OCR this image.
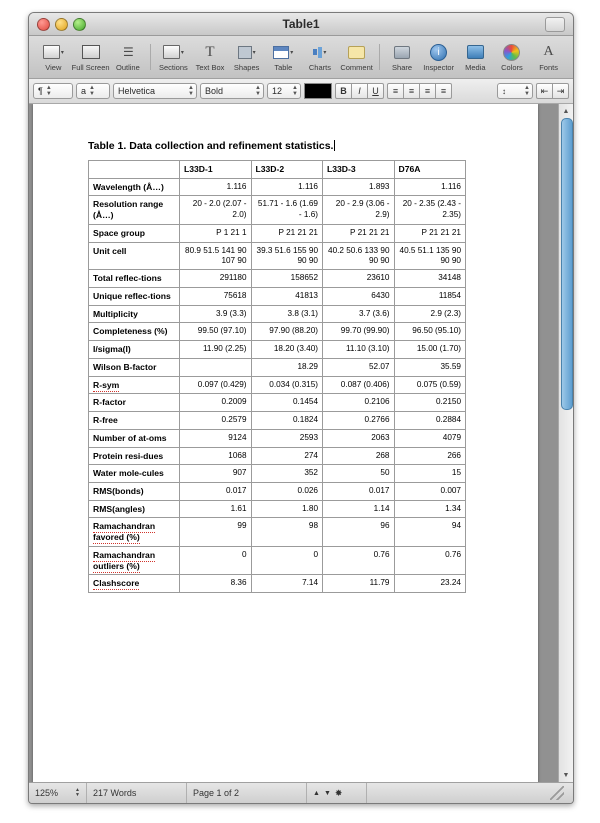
Table1
▾
View Full Screen
☰
Outline
▾
Sections
T
Text Box
▾
Shapes
▾
Table
▾
Charts Comment	Share
i
Inspector Media Colors
A
Fonts
¶ ▲
▼	a ▲
▼	Helvetica	▲
▼ Bold	▲
▼ 12 ▲
▼	B	I	U	≡	≡	≡	≡	↕	▲
▼	⇤ ⇥
Table 1. Data collection and refinement statistics.
	L33D-1	L33D-2	L33D-3	D76A
Wavelength (Å…)	1.116	1.116	1.893	1.116
Resolution range (Å…)	20 - 2.0 (2.07 - 2.0)	51.71 - 1.6 (1.69 - 1.6)	20 - 2.9 (3.06 - 2.9)	20 - 2.35 (2.43 - 2.35)
Space group	P 1 21 1	P 21 21 21	P 21 21 21	P 21 21 21
Unit cell	80.9 51.5 141 90 107 90	39.3 51.6 155 90 90 90	40.2 50.6 133 90 90 90	40.5 51.1 135 90 90 90
Total reflec-tions	291180	158652	23610	34148
Unique reflec-tions	75618	41813	6430	11854
Multiplicity	3.9 (3.3)	3.8 (3.1)	3.7 (3.6)	2.9 (2.3)
Completeness (%)	99.50 (97.10)	97.90 (88.20)	99.70 (99.90)	96.50 (95.10)
I/sigma(I)	11.90 (2.25)	18.20 (3.40)	11.10 (3.10)	15.00 (1.70)
Wilson B-factor		18.29	52.07	35.59
R-sym	0.097 (0.429)	0.034 (0.315)	0.087 (0.406)	0.075 (0.59)
R-factor	0.2009	0.1454	0.2106	0.2150
R-free	0.2579	0.1824	0.2766	0.2884
Number of at-oms	9124	2593	2063	4079
Protein resi-dues	1068	274	268	266
Water mole-cules	907	352	50	15
RMS(bonds)	0.017	0.026	0.017	0.007
RMS(angles)	1.61	1.80	1.14	1.34
Ramachandran favored (%)	99	98	96	94
Ramachandran outliers (%)	0	0	0.76	0.76
Clashscore	8.36	7.14	11.79	23.24
▲
▼
125%	▲
▼	217 Words	Page 1 of 2	▲ ▼ ✸
